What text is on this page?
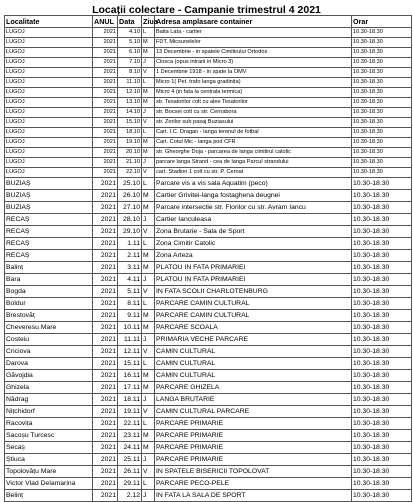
Locații colectare - Campanie trimestrul 4 2021
Localitate	ANUL	Data	Ziua	Adresa amplasare container	Orar
LUGOJ	2021	4.10	L	Baita Lata - cartier	10.30-18.30
LUGOJ	2021	5.10	M	FDT, Micsunelelor	10.30-18.30
LUGOJ	2021	6.10	M	13 Decembrie - in spatele Cimitirului Ortodox	10.30-18.30
LUGOJ	2021	7.10	J	Closca (opus intrarii in Micro 3)	10.30-18.30
LUGOJ	2021	8.10	V	1 Decembrie 1918 - in spate la OMV	10.30-18.30
LUGOJ	2021	11.10	L	Micro 1( Pet. trafo langa gradinita)	10.30-18.30
LUGOJ	2021	12.10	M	Micro 4 (in fata la centrala termica)	10.30-18.30
LUGOJ	2021	13.10	M	str. Tesatorilor colt cu alee Tesatorilor	10.30-18.30
LUGOJ	2021	14.10	J	str. Bocsei colt cu str. Cernabora	10.30-18.30
LUGOJ	2021	15.10	V	str. Zorilor sub pasaj Buziasului	10.30-18.30
LUGOJ	2021	18.10	L	Cart. I.C. Dragan - langa terenul de fotbal	10.30-18.30
LUGOJ	2021	19.10	M	Cart. Cotul Mic - langa pod CFR	10.30-18.30
LUGOJ	2021	20.10	M	str. Gheorghe Doja - parcarea de langa cimitirul catolic	10.30-18.30
LUGOJ	2021	21.10	J	parcare langa Strand - cea de langa Parcul strandului	10.30-18.30
LUGOJ	2021	22.10	V	cart. Stadion 1 colt cu str. P. Cernat	10.30-18.30
BUZIAȘ	2021	25.10	L	Parcare vis a vis sala Aquatim (peco)	10.30-18.30
BUZIAȘ	2021	26.10	M	Cartier Grivitei-langa fostaghena deugnei	10.30-18.30
BUZIAȘ	2021	27.10	M	Parcare intersectie str. Florilor cu str. Avram Iancu	10.30-18.30
RECAȘ	2021	28.10	J	Cartier Ianculeasa	10.30-18.30
RECAȘ	2021	29.10	V	Zona Brutarie - Sala de Sport	10.30-18.30
RECAȘ	2021	1.11	L	Zona Cimitir Catolic	10.30-18.30
RECAȘ	2021	2.11	M	Zona Arteza	10.30-18.30
Balinț	2021	3.11	M	PLATOU IN FATA PRIMARIEI	10.30-18.30
Bara	2021	4.11	J	PLATOU IN FATA PRIMARIEI	10.30-18.30
Bogda	2021	5.11	V	IN FATA SCOLII CHARLOTENBURG	10.30-18.30
Boldur	2021	8.11	L	PARCARE CAMIN CULTURAL	10.30-18.30
Brestovăț	2021	9.11	M	PARCARE CAMIN CULTURAL	10.30-18.30
Cheveresu Mare	2021	10.11	M	PARCARE SCOALA	10.30-18.30
Costeiu	2021	11.11	J	PRIMARIA VECHE PARCARE	10.30-18.30
Criciova	2021	12.11	V	CAMIN CULTURAL	10.30-18.30
Darova	2021	15.11	L	CAMIN CULTURAL	10.30-18.30
Găvojdia	2021	16.11	M	CAMIN CULTURAL	10.30-18.30
Ghizela	2021	17.11	M	PARCARE GHIZELA	10.30-18.30
Nădrag	2021	18.11	J	LANGA BRUTARIE	10.30-18.30
Nițchidorf	2021	19.11	V	CAMIN CULTURAL PARCARE	10.30-18.30
Racovița	2021	22.11	L	PARCARE PRIMARIE	10.30-18.30
Sacoșu Turcesc	2021	23.11	M	PARCARE PRIMARIE	10.30-18.30
Secaș	2021	24.11	M	PARCARE PRIMARIE	10.30-18.30
Știuca	2021	25.11	J	PARCARE PRIMARIE	10.30-18.30
Topolovățu Mare	2021	26.11	V	IN SPATELE BISERICII TOPOLOVAT	10.30-18.30
Victor Vlad Delamarina	2021	29.11	L	PARCARE PECO-PELE	10.30-18.30
Belinț	2021	2.12	J	IN FATA LA SALA DE SPORT	10.30-18.30
